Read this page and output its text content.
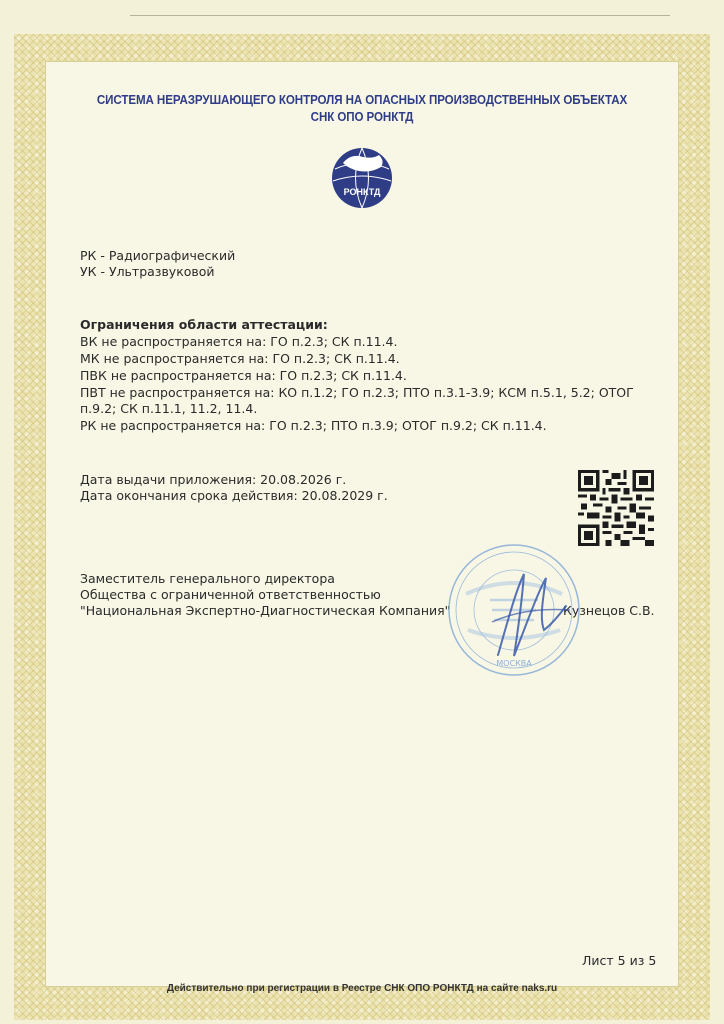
СИСТЕМА НЕРАЗРУШАЮЩЕГО КОНТРОЛЯ НА ОПАСНЫХ ПРОИЗВОДСТВЕННЫХ ОБЪЕКТАХ
СНК ОПО РОНКТД
РОНКТД
РК - Радиографический
УК - Ультразвуковой
Ограничения области аттестации:
ВК не распространяется на: ГО п.2.3; СК п.11.4.
МК не распространяется на: ГО п.2.3; СК п.11.4.
ПВК не распространяется на: ГО п.2.3; СК п.11.4.
ПВТ не распространяется на: КО п.1.2; ГО п.2.3; ПТО п.3.1-3.9; КСМ п.5.1, 5.2; ОТОГ
п.9.2; СК п.11.1, 11.2, 11.4.
РК не распространяется на: ГО п.2.3; ПТО п.3.9; ОТОГ п.9.2; СК п.11.4.
Дата выдачи приложения: 20.08.2026 г.
Дата окончания срока действия: 20.08.2029 г.
Заместитель генерального директора
Общества с ограниченной ответственностью
"Национальная Экспертно-Диагностическая Компания"	Кузнецов С.В.
МОСКВА
Лист 5 из 5
Действительно при регистрации в Реестре СНК ОПО РОНКТД на сайте naks.ru
